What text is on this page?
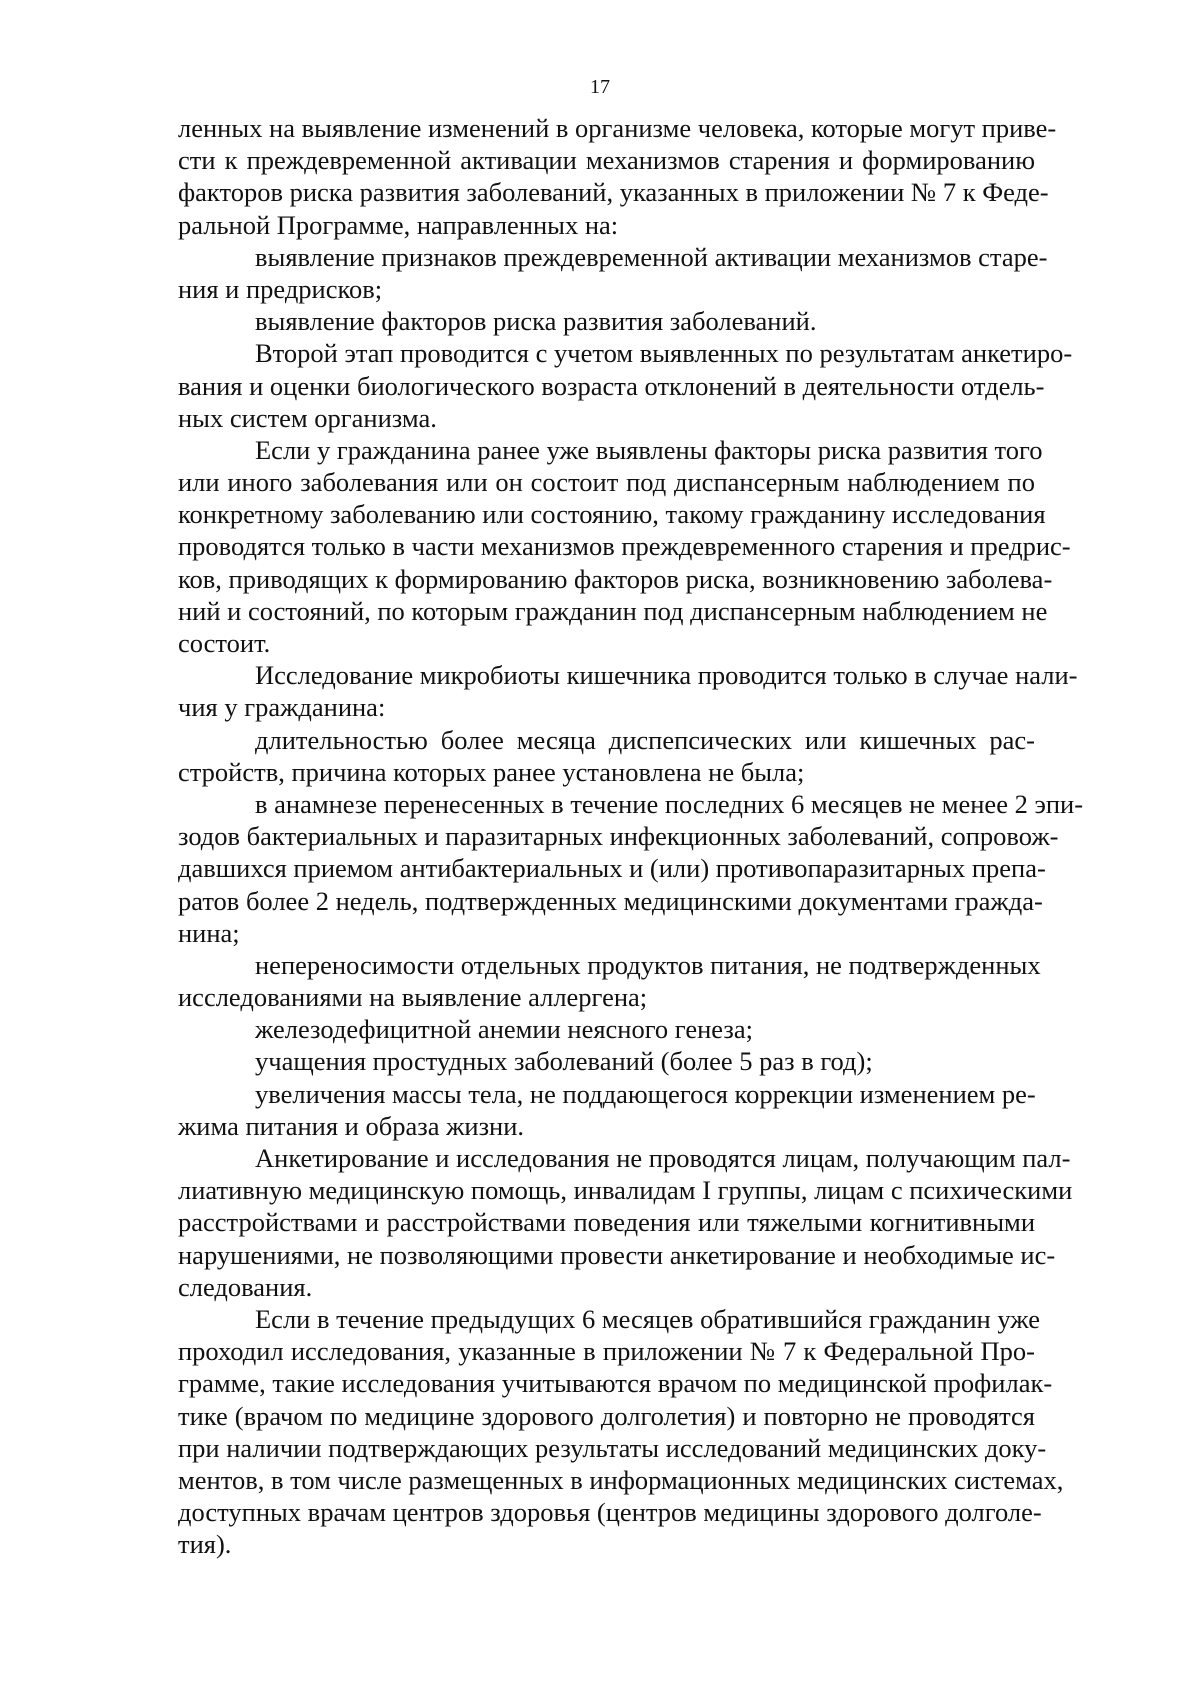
17
ленных на выявление изменений в организме человека, которые могут приве-
сти к преждевременной активации механизмов старения и формированию
факторов риска развития заболеваний, указанных в приложении № 7 к Феде-
ральной Программе, направленных на:
выявление признаков преждевременной активации механизмов старе-
ния и предрисков;
выявление факторов риска развития заболеваний.
Второй этап проводится с учетом выявленных по результатам анкетиро-
вания и оценки биологического возраста отклонений в деятельности отдель-
ных систем организма.
Если у гражданина ранее уже выявлены факторы риска развития того
или иного заболевания или он состоит под диспансерным наблюдением по
конкретному заболеванию или состоянию, такому гражданину исследования
проводятся только в части механизмов преждевременного старения и предрис-
ков, приводящих к формированию факторов риска, возникновению заболева-
ний и состояний, по которым гражданин под диспансерным наблюдением не
состоит.
Исследование микробиоты кишечника проводится только в случае нали-
чия у гражданина:
длительностью более месяца диспепсических или кишечных рас-
стройств, причина которых ранее установлена не была;
в анамнезе перенесенных в течение последних 6 месяцев не менее 2 эпи-
зодов бактериальных и паразитарных инфекционных заболеваний, сопровож-
давшихся приемом антибактериальных и (или) противопаразитарных препа-
ратов более 2 недель, подтвержденных медицинскими документами гражда-
нина;
непереносимости отдельных продуктов питания, не подтвержденных
исследованиями на выявление аллергена;
железодефицитной анемии неясного генеза;
учащения простудных заболеваний (более 5 раз в год);
увеличения массы тела, не поддающегося коррекции изменением ре-
жима питания и образа жизни.
Анкетирование и исследования не проводятся лицам, получающим пал-
лиативную медицинскую помощь, инвалидам I группы, лицам с психическими
расстройствами и расстройствами поведения или тяжелыми когнитивными
нарушениями, не позволяющими провести анкетирование и необходимые ис-
следования.
Если в течение предыдущих 6 месяцев обратившийся гражданин уже
проходил исследования, указанные в приложении № 7 к Федеральной Про-
грамме, такие исследования учитываются врачом по медицинской профилак-
тике (врачом по медицине здорового долголетия) и повторно не проводятся
при наличии подтверждающих результаты исследований медицинских доку-
ментов, в том числе размещенных в информационных медицинских системах,
доступных врачам центров здоровья (центров медицины здорового долголе-
тия).
